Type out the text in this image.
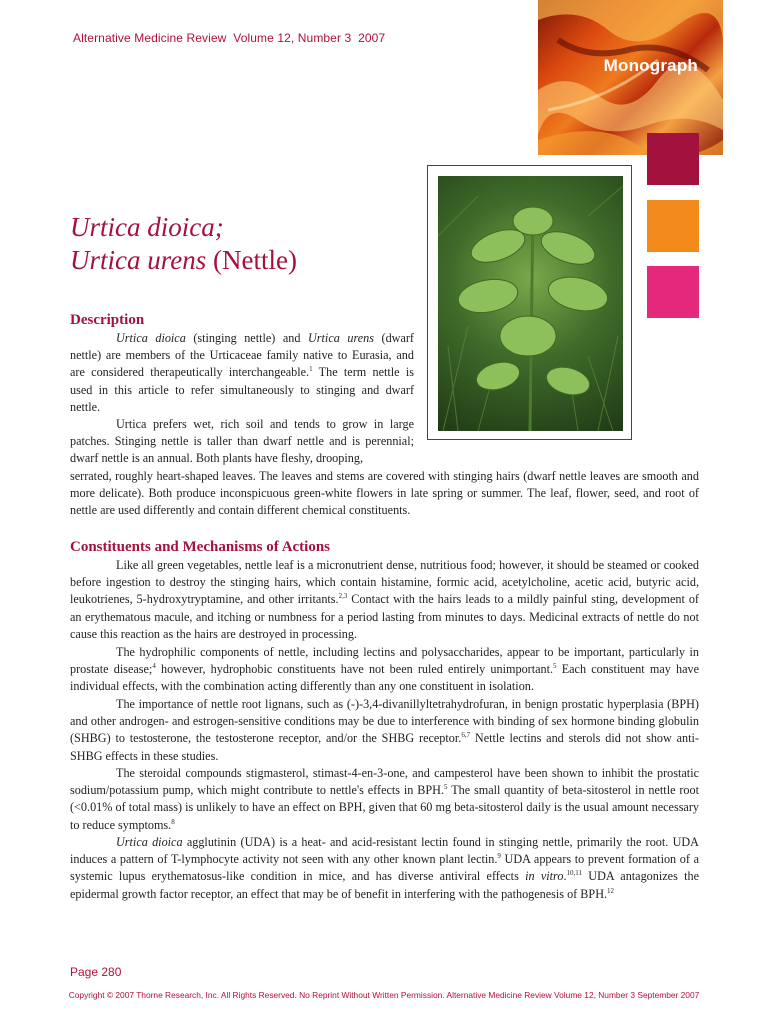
Alternative Medicine Review  Volume 12, Number 3  2007
Monograph
Urtica dioica;
Urtica urens (Nettle)
Description

Urtica dioica (stinging nettle) and Urtica urens (dwarf nettle) are members of the Urticaceae family native to Eurasia, and are considered therapeutically interchangeable.$^1$ The term nettle is used in this article to refer simultaneously to stinging and dwarf nettle.

Urtica prefers wet, rich soil and tends to grow in large patches. Stinging nettle is taller than dwarf nettle and is perennial; dwarf nettle is an annual. Both plants have fleshy, drooping,

serrated, roughly heart-shaped leaves. The leaves and stems are covered with stinging hairs (dwarf nettle leaves are smooth and more delicate). Both produce inconspicuous green-white flowers in late spring or summer. The leaf, flower, seed, and root of nettle are used differently and contain different chemical constituents.

Constituents and Mechanisms of Actions

Like all green vegetables, nettle leaf is a micronutrient dense, nutritious food; however, it should be steamed or cooked before ingestion to destroy the stinging hairs, which contain histamine, formic acid, acetylcholine, acetic acid, butyric acid, leukotrienes, 5-hydroxytryptamine, and other irritants.$^{2,3}$ Contact with the hairs leads to a mildly painful sting, development of an erythematous macule, and itching or numbness for a period lasting from minutes to days. Medicinal extracts of nettle do not cause this reaction as the hairs are destroyed in processing.

The hydrophilic components of nettle, including lectins and polysaccharides, appear to be important, particularly in prostate disease;$^4$ however, hydrophobic constituents have not been ruled entirely unimportant.$^5$ Each constituent may have individual effects, with the combination acting differently than any one constituent in isolation.

The importance of nettle root lignans, such as (-)-3,4-divanillyltetrahydrofuran, in benign prostatic hyperplasia (BPH) and other androgen- and estrogen-sensitive conditions may be due to interference with binding of sex hormone binding globulin (SHBG) to testosterone, the testosterone receptor, and/or the SHBG receptor.$^{6,7}$ Nettle lectins and sterols did not show anti-SHBG effects in these studies.

The steroidal compounds stigmasterol, stimast-4-en-3-one, and campesterol have been shown to inhibit the prostatic sodium/potassium pump, which might contribute to nettle's effects in BPH.$^5$ The small quantity of beta-sitosterol in nettle root (<0.01% of total mass) is unlikely to have an effect on BPH, given that 60 mg beta-sitosterol daily is the usual amount necessary to reduce symptoms.$^8$

Urtica dioica agglutinin (UDA) is a heat- and acid-resistant lectin found in stinging nettle, primarily the root. UDA induces a pattern of T-lymphocyte activity not seen with any other known plant lectin.$^9$ UDA appears to prevent formation of a systemic lupus erythematosus-like condition in mice, and has diverse antiviral effects in vitro.$^{10,11}$ UDA antagonizes the epidermal growth factor receptor, an effect that may be of benefit in interfering with the pathogenesis of BPH.$^{12}$

Page 280
Copyright © 2007 Thorne Research, Inc. All Rights Reserved. No Reprint Without Written Permission. Alternative Medicine Review Volume 12, Number 3 September 2007
